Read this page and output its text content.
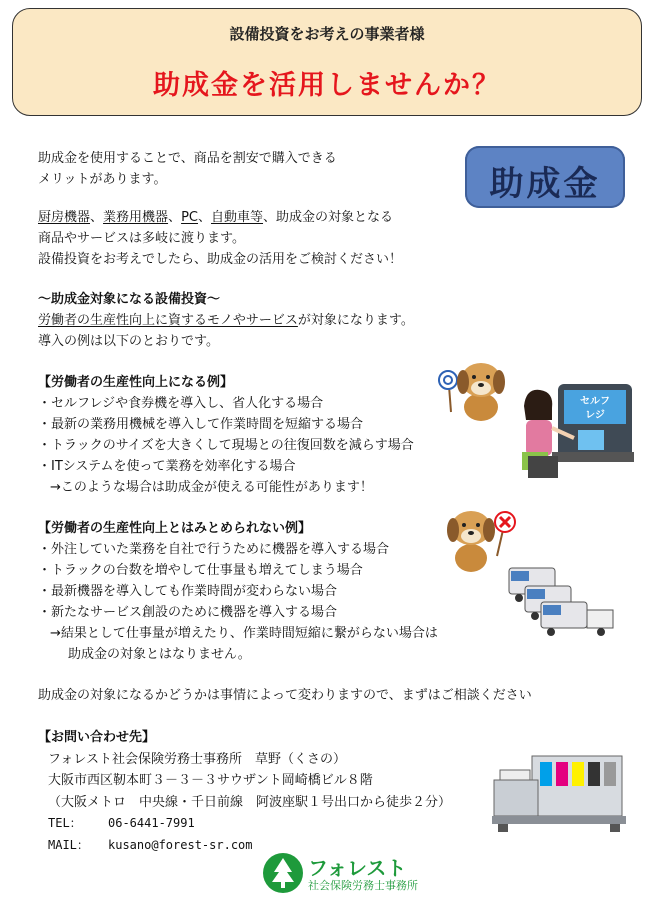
設備投資をお考えの事業者様
助成金を活用しませんか？
助成金
助成金を使用することで、商品を割安で購入できる
メリットがあります。
厨房機器、業務用機器、PC、自動車等、助成金の対象となる
商品やサービスは多岐に渡ります。
設備投資をお考えでしたら、助成金の活用をご検討ください！
～助成金対象になる設備投資～
労働者の生産性向上に資するモノやサービスが対象になります。
導入の例は以下のとおりです。
【労働者の生産性向上になる例】
・セルフレジや食券機を導入し、省人化する場合
・最新の業務用機械を導入して作業時間を短縮する場合
・トラックのサイズを大きくして現場との往復回数を減らす場合
・ITシステムを使って業務を効率化する場合
→このような場合は助成金が使える可能性があります！
【労働者の生産性向上とはみとめられない例】
・外注していた業務を自社で行うために機器を導入する場合
・トラックの台数を増やして仕事量も増えてしまう場合
・最新機器を導入しても作業時間が変わらない場合
・新たなサービス創設のために機器を導入する場合
→結果として仕事量が増えたり、作業時間短縮に繋がらない場合は
助成金の対象とはなりません。
助成金の対象になるかどうかは事情によって変わりますので、まずはご相談ください
【お問い合わせ先】
フォレスト社会保険労務士事務所　草野（くさの）
大阪市西区靭本町３－３－３サウザント岡崎橋ビル８階
（大阪メトロ　中央線・千日前線　阿波座駅１号出口から徒歩２分）
TEL： 06-6441-7991
MAIL： kusano@forest-sr.com
セルフ
レジ
フォレスト
社会保険労務士事務所
